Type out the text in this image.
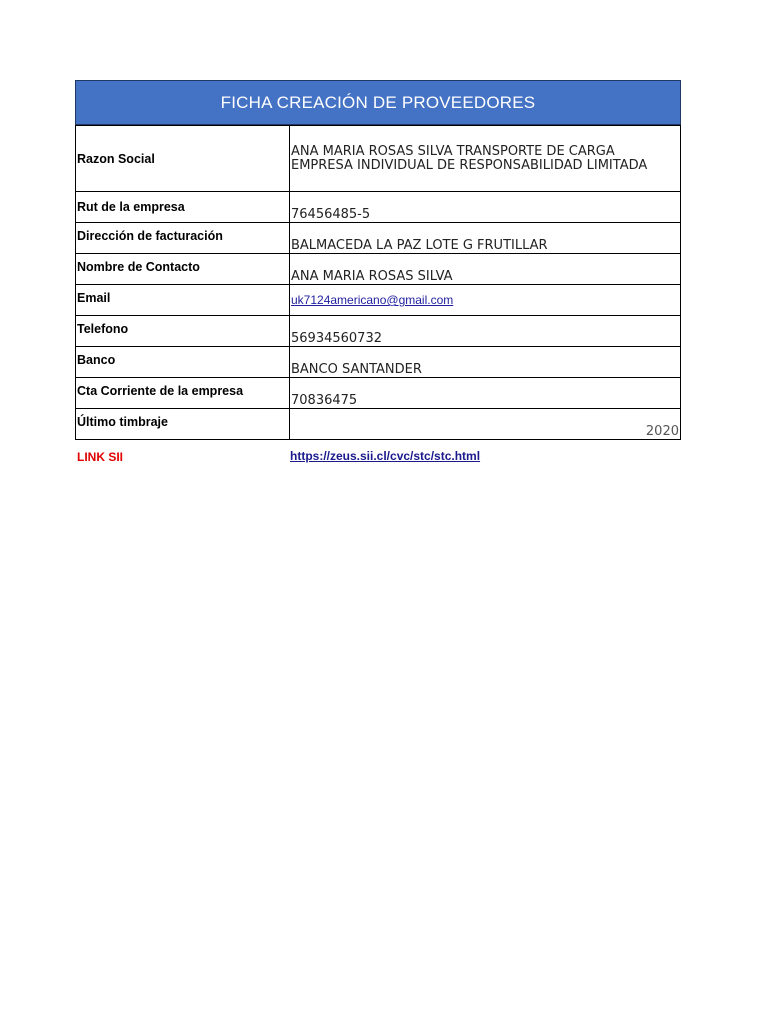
FICHA CREACIÓN DE PROVEEDORES
Razon Social	ANA MARIA ROSAS SILVA TRANSPORTE DE CARGA EMPRESA INDIVIDUAL DE RESPONSABILIDAD LIMITADA
Rut de la empresa	76456485-5
Dirección de facturación	BALMACEDA LA PAZ LOTE G FRUTILLAR
Nombre de Contacto	ANA MARIA ROSAS SILVA
Email	uk7124americano@gmail.com
Telefono	56934560732
Banco	BANCO SANTANDER
Cta Corriente de la empresa	70836475
Último timbraje	2020
LINK SII	https://zeus.sii.cl/cvc/stc/stc.html
